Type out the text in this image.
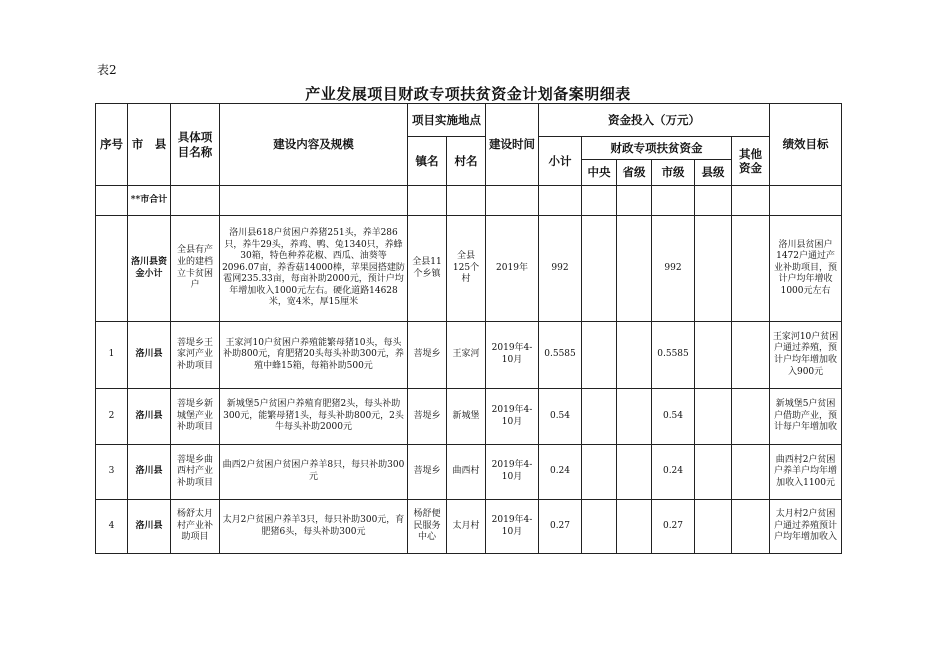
表2
产业发展项目财政专项扶贫资金计划备案明细表
序号	市　县	具体项目名称	建设内容及规模	项目实施地点		建设时间	资金投入（万元）						绩效目标
				镇名	村名		小计	财政专项扶贫资金				其他资金	
								中央	省级	市级	县级		
	**市合计												
	洛川县资金小计	全县有产业的建档立卡贫困户	洛川县618户贫困户养猪251头，养羊286只，养牛29头，养鸡、鸭、兔1340只，养蜂30箱，特色种养花椒、西瓜、油葵等2096.07亩，养香菇14000棒，苹果园搭建防雹网235.33亩，每亩补助2000元，预计户均年增加收入1000元左右。硬化道路14628米，宽4米，厚15厘米	全县11个乡镇	全县125个村	2019年	992			992			洛川县贫困户1472户通过产业补助项目，预计户均年增收1000元左右
1	洛川县	菩堤乡王家河产业补助项目	王家河10户贫困户养殖能繁母猪10头，每头补助800元，育肥猪20头每头补助300元，养殖中蜂15箱，每箱补助500元	菩堤乡	王家河	2019年4-10月	0.5585			0.5585			王家河10户贫困户通过养殖，预计户均年增加收入900元
2	洛川县	菩堤乡新城堡产业补助项目	新城堡5户贫困户养殖育肥猪2头，每头补助300元，能繁母猪1头，每头补助800元，2头牛每头补助2000元	菩堤乡	新城堡	2019年4-10月	0.54			0.54			新城堡5户贫困户借助产业，预计每户年增加收
3	洛川县	菩堤乡曲西村产业补助项目	曲西2户贫困户贫困户养羊8只，每只补助300元	菩堤乡	曲西村	2019年4-10月	0.24			0.24			曲西村2户贫困户养羊户均年增加收入1100元
4	洛川县	杨舒太月村产业补助项目	太月2户贫困户养羊3只，每只补助300元，育肥猪6头，每头补助300元	杨舒便民服务中心	太月村	2019年4-10月	0.27			0.27			太月村2户贫困户通过养殖预计户均年增加收入
